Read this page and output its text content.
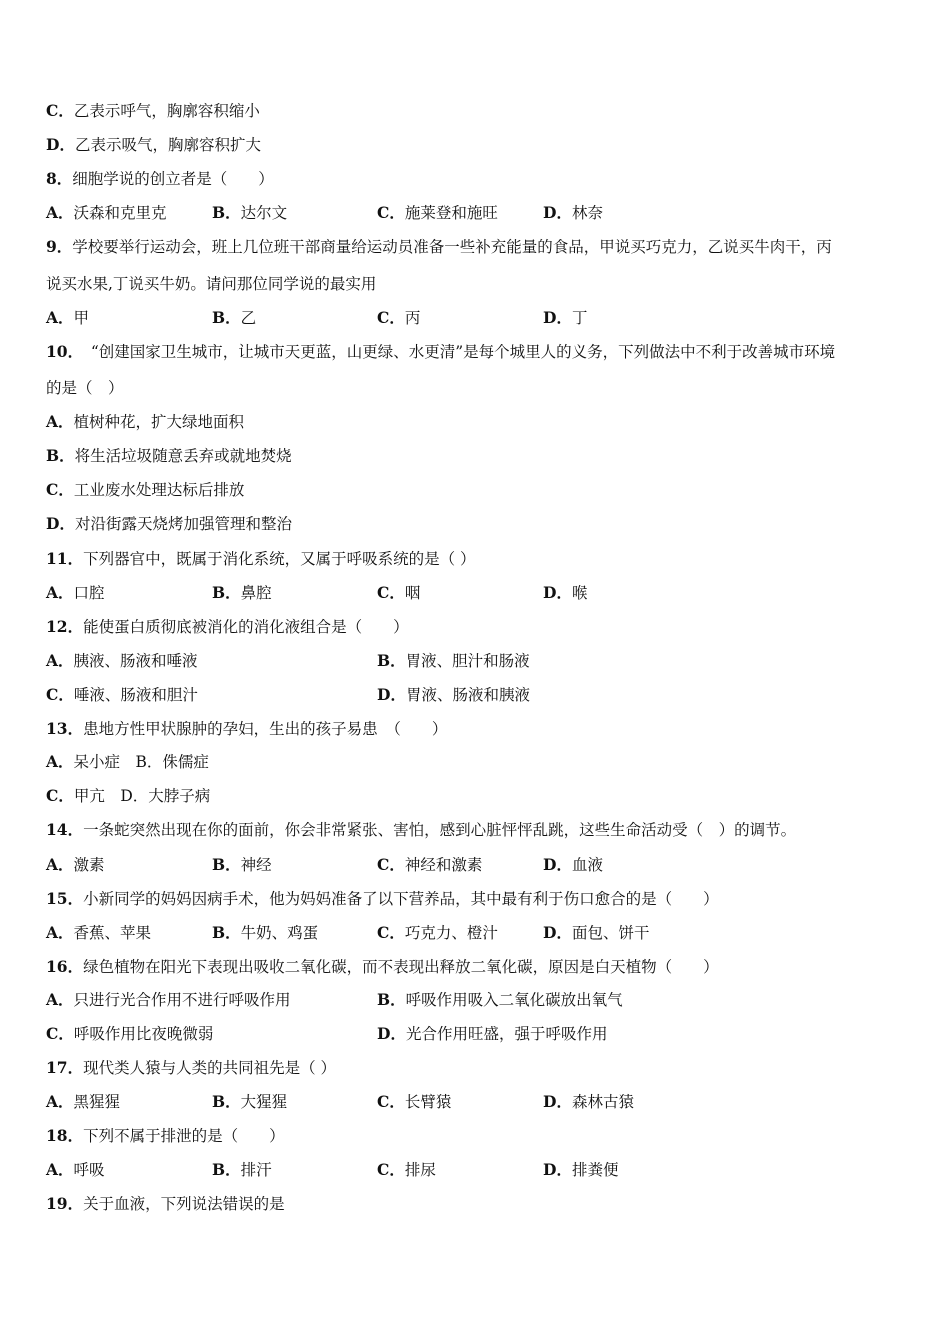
C．乙表示呼气，胸廓容积缩小
D．乙表示吸气，胸廓容积扩大
8．细胞学说的创立者是（　　）
A．沃森和克里克	B．达尔文	C．施莱登和施旺	D．林奈
9．学校要举行运动会，班上几位班干部商量给运动员准备一些补充能量的食品，甲说买巧克力，乙说买牛肉干，丙
说买水果,丁说买牛奶。请问那位同学说的最实用
A．甲	B．乙	C．丙	D．丁
10．　“创建国家卫生城市，让城市天更蓝，山更绿、水更清”是每个城里人的义务，下列做法中不利于改善城市环境
的是（　）
A．植树种花，扩大绿地面积
B．将生活垃圾随意丢弃或就地焚烧
C．工业废水处理达标后排放
D．对沿街露天烧烤加强管理和整治
11．下列器官中，既属于消化系统，又属于呼吸系统的是（ ）
A．口腔	B．鼻腔	C．咽	D．喉
12．能使蛋白质彻底被消化的消化液组合是（　　）
A．胰液、肠液和唾液	B．胃液、胆汁和肠液
C．唾液、肠液和胆汁	D．胃液、肠液和胰液
13．患地方性甲状腺肿的孕妇，生出的孩子易患　（　　）
A．呆小症　B．侏儒症
C．甲亢　D．大脖子病
14．一条蛇突然出现在你的面前，你会非常紧张、害怕，感到心脏怦怦乱跳，这些生命活动受（　）的调节。
A．激素	B．神经	C．神经和激素	D．血液
15．小新同学的妈妈因病手术，他为妈妈准备了以下营养品，其中最有利于伤口愈合的是（　　）
A．香蕉、苹果	B．牛奶、鸡蛋	C．巧克力、橙汁	D．面包、饼干
16．绿色植物在阳光下表现出吸收二氧化碳，而不表现出释放二氧化碳，原因是白天植物（　　）
A．只进行光合作用不进行呼吸作用	B．呼吸作用吸入二氧化碳放出氧气
C．呼吸作用比夜晚微弱	D．光合作用旺盛，强于呼吸作用
17．现代类人猿与人类的共同祖先是（ ）
A．黑猩猩	B．大猩猩	C．长臂猿	D．森林古猿
18．下列不属于排泄的是（　　）
A．呼吸	B．排汗	C．排尿	D．排粪便
19．关于血液，下列说法错误的是
